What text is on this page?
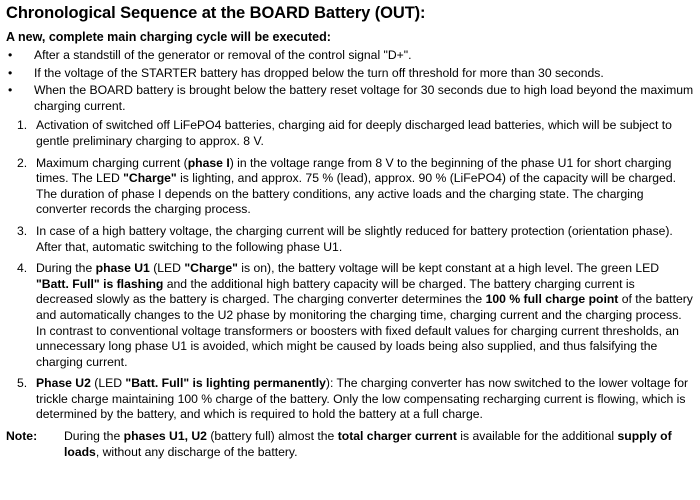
Chronological Sequence at the BOARD Battery (OUT):
A new, complete main charging cycle will be executed:
• After a standstill of the generator or removal of the control signal "D+".
• If the voltage of the STARTER battery has dropped below the turn off threshold for more than 30 seconds.
• When the BOARD battery is brought below the battery reset voltage for 30 seconds due to high load beyond the maximum charging current.
1. Activation of switched off LiFePO4 batteries, charging aid for deeply discharged lead batteries, which will be subject to gentle preliminary charging to approx. 8 V.
2. Maximum charging current (phase I) in the voltage range from 8 V to the beginning of the phase U1 for short charging times. The LED "Charge" is lighting, and approx. 75 % (lead), approx. 90 % (LiFePO4) of the capacity will be charged. The duration of phase I depends on the battery conditions, any active loads and the charging state. The charging converter records the charging process.
3. In case of a high battery voltage, the charging current will be slightly reduced for battery protection (orientation phase). After that, automatic switching to the following phase U1.
4. During the phase U1 (LED "Charge" is on), the battery voltage will be kept constant at a high level. The green LED "Batt. Full" is flashing and the additional high battery capacity will be charged. The battery charging current is decreased slowly as the battery is charged. The charging converter determines the 100 % full charge point of the battery and automatically changes to the U2 phase by monitoring the charging time, charging current and the charging process. In contrast to conventional voltage transformers or boosters with fixed default values for charging current thresholds, an unnecessary long phase U1 is avoided, which might be caused by loads being also supplied, and thus falsifying the charging current.
5. Phase U2 (LED "Batt. Full" is lighting permanently): The charging converter has now switched to the lower voltage for trickle charge maintaining 100 % charge of the battery. Only the low compensating recharging current is flowing, which is determined by the battery, and which is required to hold the battery at a full charge.
Note: During the phases U1, U2 (battery full) almost the total charger current is available for the additional supply of loads, without any discharge of the battery.
